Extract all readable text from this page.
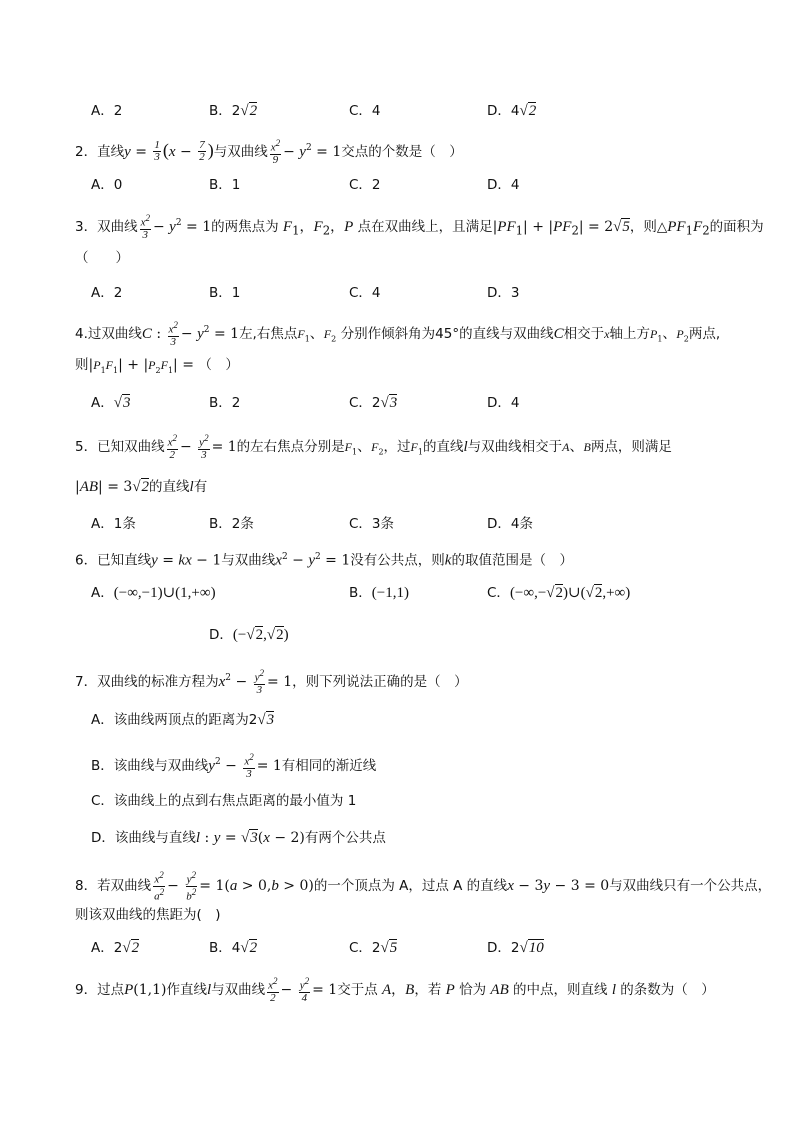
A．2	B．2√2	C．4	D．4√2
2．直线$y = \frac{1}{3} (x - \frac{7}{2}$ )与双曲线 $\frac{x^2}{9} - y^2 = 1$交点的个数是（　）
A．0	B．1	C．2	D．4
3．双曲线 $\frac{x^2}{3} - y^2 = 1$的两焦点为 $F_1$，$F_2$，P 点在双曲线上，且满足$|PF_1| + |PF_2| = 2√5$，则$\triangle PF_1F_2$的面积为
（　　）
A．2	B．1	C．4	D．3
4.过双曲线C : $\frac{x^2}{3} - y^2 = 1$左,右焦点$F_1$、$F_2$ 分别作倾斜角为45°的直线与双曲线C相交于x轴上方$P_1$、$P_2$两点,
则$|P_1F_1| + |P_2F_1|$ = （　）
A．√3	B．2	C．2√3	D．4
5．已知双曲线 $\frac{x^2}{2} - \frac{y^2}{3} = 1$的左右焦点分别是$F_1$、$F_2$，过$F_1$的直线l与双曲线相交于A、B两点，则满足
|AB| = 3√2的直线l有
A．1条	B．2条	C．3条	D．4条
6．已知直线y = kx − 1与双曲线$x^2 - y^2 = 1$没有公共点，则k的取值范围是（　）
A．(−∞,−1)∪(1,+∞)	B．(−1,1)	C．(−∞,−√2)∪(√2,+∞)
D．(−√2,√2)
7．双曲线的标准方程为$x^2 - \frac{y^2}{3} = 1$，则下列说法正确的是（　）
A．该曲线两顶点的距离为2√3
B．该曲线与双曲线$y^2 - \frac{x^2}{3} = 1$有相同的渐近线
C．该曲线上的点到右焦点距离的最小值为 1
D．该曲线与直线l : y = √3(x − 2)有两个公共点
8．若双曲线 $\frac{x^2}{a^2} - \frac{y^2}{b^2} = 1(a > 0,b > 0)$的一个顶点为 A，过点 A 的直线x − 3y − 3 = 0与双曲线只有一个公共点，
则该双曲线的焦距为(　)
A．2√2	B．4√2	C．2√5	D．2√10
9．过点P(1,1)作直线l与双曲线 $\frac{x^2}{2} - \frac{y^2}{4} = 1$交于点 A，B，若 P 恰为 AB 的中点，则直线 l 的条数为（　）
